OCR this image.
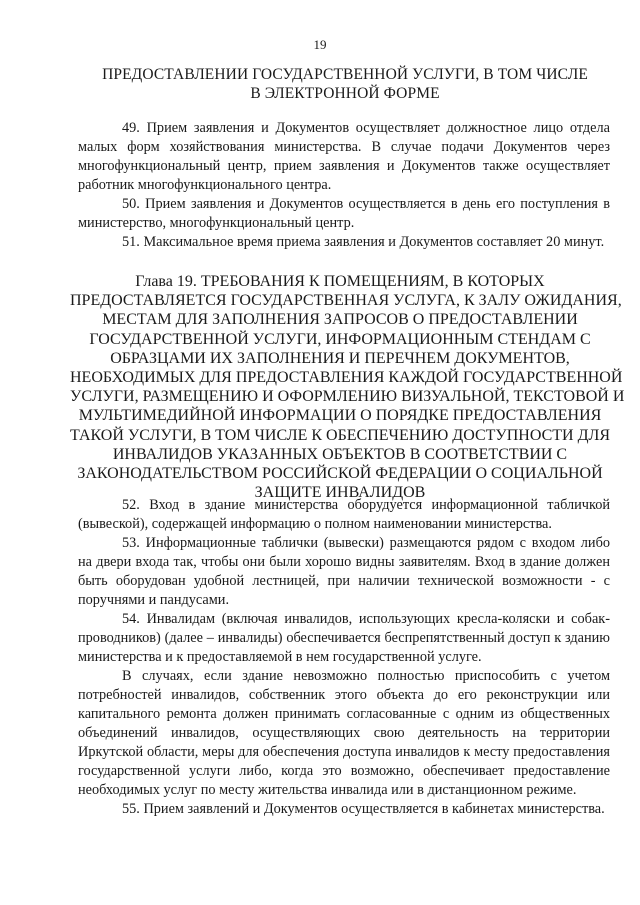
19
ПРЕДОСТАВЛЕНИИ ГОСУДАРСТВЕННОЙ УСЛУГИ, В ТОМ ЧИСЛЕ В ЭЛЕКТРОННОЙ ФОРМЕ

49. Прием заявления и Документов осуществляет должностное лицо отдела малых форм хозяйствования министерства. В случае подачи Документов через многофункциональный центр, прием заявления и Документов также осуществляет работник многофункционального центра.

50. Прием заявления и Документов осуществляется в день его поступления в министерство, многофункциональный центр.

51. Максимальное время приема заявления и Документов составляет 20 минут.

Глава 19. ТРЕБОВАНИЯ К ПОМЕЩЕНИЯМ, В КОТОРЫХ
ПРЕДОСТАВЛЯЕТСЯ ГОСУДАРСТВЕННАЯ УСЛУГА, К ЗАЛУ ОЖИДАНИЯ,
МЕСТАМ ДЛЯ ЗАПОЛНЕНИЯ ЗАПРОСОВ О ПРЕДОСТАВЛЕНИИ
ГОСУДАРСТВЕННОЙ УСЛУГИ, ИНФОРМАЦИОННЫМ СТЕНДАМ С
ОБРАЗЦАМИ ИХ ЗАПОЛНЕНИЯ И ПЕРЕЧНЕМ ДОКУМЕНТОВ,
НЕОБХОДИМЫХ ДЛЯ ПРЕДОСТАВЛЕНИЯ КАЖДОЙ ГОСУДАРСТВЕННОЙ
УСЛУГИ, РАЗМЕЩЕНИЮ И ОФОРМЛЕНИЮ ВИЗУАЛЬНОЙ, ТЕКСТОВОЙ И
МУЛЬТИМЕДИЙНОЙ ИНФОРМАЦИИ О ПОРЯДКЕ ПРЕДОСТАВЛЕНИЯ
ТАКОЙ УСЛУГИ, В ТОМ ЧИСЛЕ К ОБЕСПЕЧЕНИЮ ДОСТУПНОСТИ ДЛЯ
ИНВАЛИДОВ УКАЗАННЫХ ОБЪЕКТОВ В СООТВЕТСТВИИ С
ЗАКОНОДАТЕЛЬСТВОМ РОССИЙСКОЙ ФЕДЕРАЦИИ О СОЦИАЛЬНОЙ
ЗАЩИТЕ ИНВАЛИДОВ

52. Вход в здание министерства оборудуется информационной табличкой (вывеской), содержащей информацию о полном наименовании министерства.

53. Информационные таблички (вывески) размещаются рядом с входом либо на двери входа так, чтобы они были хорошо видны заявителям. Вход в здание должен быть оборудован удобной лестницей, при наличии технической возможности - с поручнями и пандусами.

54. Инвалидам (включая инвалидов, использующих кресла-коляски и собак-проводников) (далее – инвалиды) обеспечивается беспрепятственный доступ к зданию министерства и к предоставляемой в нем государственной услуге.

В случаях, если здание невозможно полностью приспособить с учетом потребностей инвалидов, собственник этого объекта до его реконструкции или капитального ремонта должен принимать согласованные с одним из общественных объединений инвалидов, осуществляющих свою деятельность на территории Иркутской области, меры для обеспечения доступа инвалидов к месту предоставления государственной услуги либо, когда это возможно, обеспечивает предоставление необходимых услуг по месту жительства инвалида или в дистанционном режиме.

55. Прием заявлений и Документов осуществляется в кабинетах министерства.
